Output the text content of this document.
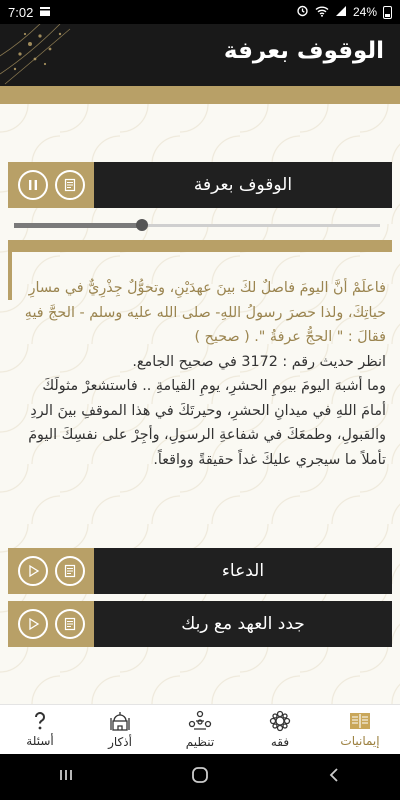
7:02	24%
الوقوف بعرفة
الوقوف بعرفة

فاعلَمْ أنَّ اليومَ فاصلٌ لكَ بينَ عهدَيْنِ، وتحوُّلٌ جِذْرِيٌّ في مسارِ حياتِكَ، ولذا حصرَ رسولُ اللهِ- صلى الله عليه وسلم - الحجَّ فيهِ فقالَ : " الحجُّ عرفةُ ". ( صحيح )

انظر حديث رقم : 3172 في صحيح الجامع.

وما أشبهَ اليومَ بيومِ الحشرِ، يومِ القيامةِ .. فاستشعرْ مثولَكَ أمامَ اللهِ في ميدانِ الحشرِ، وحيرتَكَ في هذا الموقفِ بينَ الردِ والقبولِ، وطمعَكَ في شفاعةِ الرسولِ، وأجِرْ على نفسِكَ اليومَ تأملاً ما سيجري عليكَ غداً حقيقةً وواقعاً.

الدعاء
جدد العهد مع ربك
إيمانيات
فقه
تنظيم
أذكار
أسئلة
